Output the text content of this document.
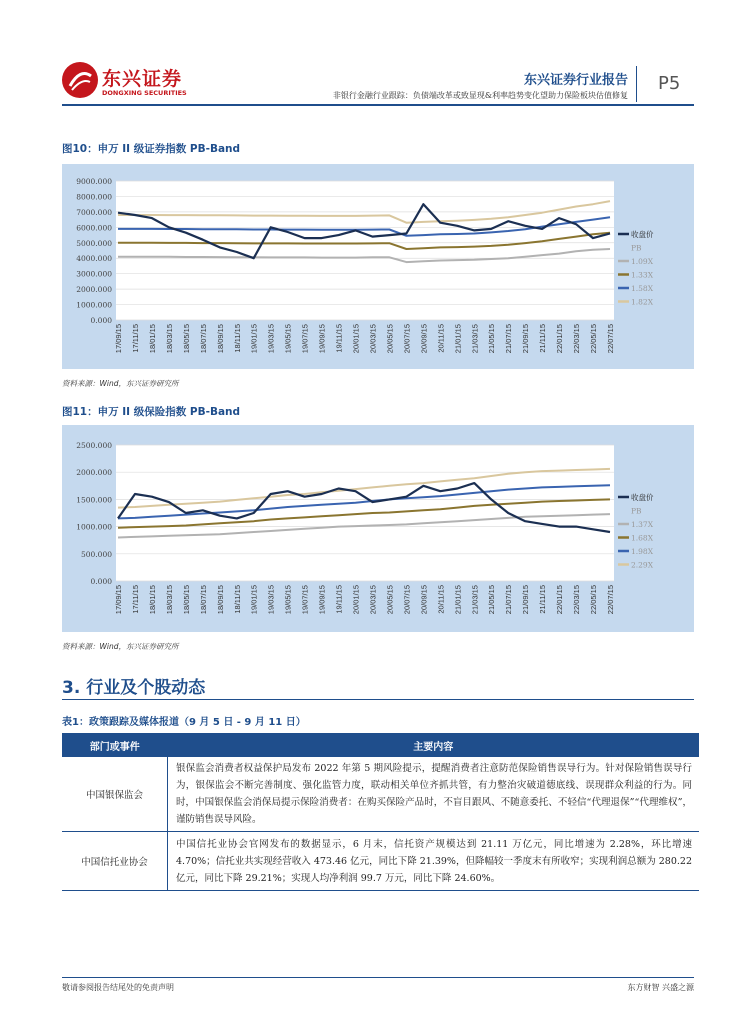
东兴证券
DONGXING SECURITIES
东兴证券行业报告
非银行金融行业跟踪：负债端改革或致显现&利率趋势变化望助力保险板块估值修复
P5
图10：申万 II 级证券指数 PB-Band
9000.000
8000.000
7000.000
6000.000
5000.000
4000.000
3000.000
2000.000
1000.000
0.000
17/09/15 17/11/15 18/01/15 18/03/15 18/05/15 18/07/15 18/09/15 18/11/15 19/01/15 19/03/15 19/05/15 19/07/15 19/09/15 19/11/15 20/01/15 20/03/15 20/05/15 20/07/15 20/09/15 20/11/15 21/01/15 21/03/15 21/05/15 21/07/15 21/09/15 21/11/15 22/01/15 22/03/15 22/05/15 22/07/15
收盘价
PB
1.09X
1.33X
1.58X
1.82X
资料来源：Wind，东兴证券研究所
图11：申万 II 级保险指数 PB-Band
2500.000
2000.000
1500.000
1000.000
500.000
0.000
17/09/15 17/11/15 18/01/15 18/03/15 18/05/15 18/07/15 18/09/15 18/11/15 19/01/15 19/03/15 19/05/15 19/07/15 19/09/15 19/11/15 20/01/15 20/03/15 20/05/15 20/07/15 20/09/15 20/11/15 21/01/15 21/03/15 21/05/15 21/07/15 21/09/15 21/11/15 22/01/15 22/03/15 22/05/15 22/07/15
收盘价
PB
1.37X
1.68X
1.98X
2.29X
资料来源：Wind，东兴证券研究所
3. 行业及个股动态
表1：政策跟踪及媒体报道（9 月 5 日 - 9 月 11 日）
部门或事件	主要内容
中国银保监会	银保监会消费者权益保护局发布 2022 年第 5 期风险提示，提醒消费者注意防范保险销售误导行为。针对保险销售误导行为，银保监会不断完善制度、强化监管力度，联动相关单位齐抓共管，有力整治灾破道德底线、误现群众利益的行为。同时，中国银保监会消保局提示保险消费者：在购买保险产品时，不盲目跟风、不随意委托、不轻信“代理退保”“代理维权”，谨防销售误导风险。
中国信托业协会	中国信托业协会官网发布的数据显示，6 月末，信托资产规模达到 21.11 万亿元，同比增速为 2.28%，环比增速 4.70%；信托业共实现经营收入 473.46 亿元，同比下降 21.39%，但降幅较一季度末有所收窄；实现利润总额为 280.22 亿元，同比下降 29.21%；实现人均净利润 99.7 万元，同比下降 24.60%。
敬请参阅报告结尾处的免责声明	东方财智 兴盛之源
